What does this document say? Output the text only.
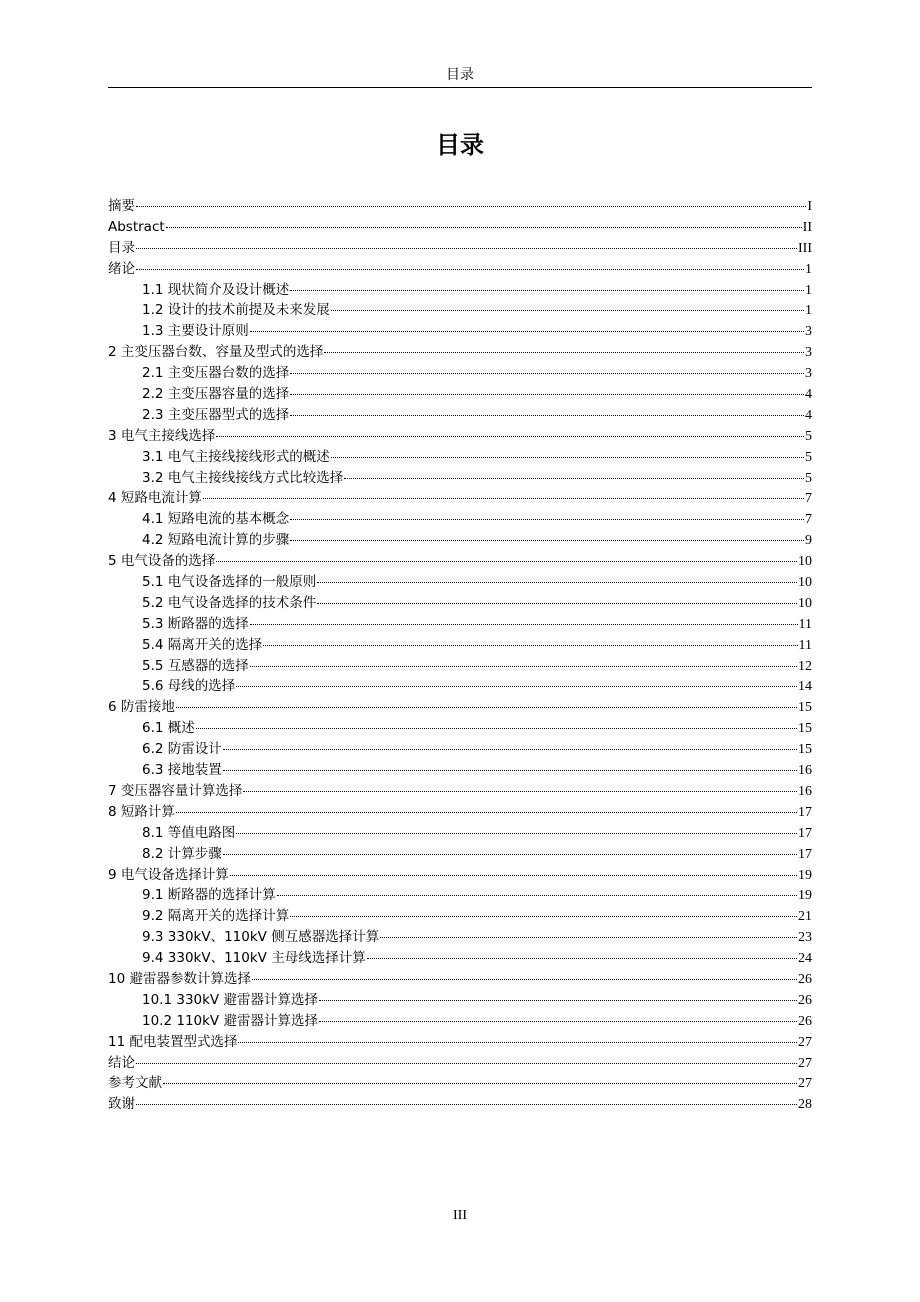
目录
目录
摘要	I
Abstract	II
目录	III
绪论	1
1.1 现状简介及设计概述	1
1.2 设计的技术前提及未来发展	1
1.3 主要设计原则	3
2 主变压器台数、容量及型式的选择	3
2.1 主变压器台数的选择	3
2.2 主变压器容量的选择	4
2.3 主变压器型式的选择	4
3 电气主接线选择	5
3.1 电气主接线接线形式的概述	5
3.2 电气主接线接线方式比较选择	5
4 短路电流计算	7
4.1 短路电流的基本概念	7
4.2 短路电流计算的步骤	9
5 电气设备的选择	10
5.1 电气设备选择的一般原则	10
5.2 电气设备选择的技术条件	10
5.3 断路器的选择	11
5.4 隔离开关的选择	11
5.5 互感器的选择	12
5.6 母线的选择	14
6 防雷接地	15
6.1 概述	15
6.2 防雷设计	15
6.3 接地装置	16
7 变压器容量计算选择	16
8 短路计算	17
8.1 等值电路图	17
8.2 计算步骤	17
9 电气设备选择计算	19
9.1 断路器的选择计算	19
9.2 隔离开关的选择计算	21
9.3 330kV、110kV 侧互感器选择计算	23
9.4 330kV、110kV 主母线选择计算	24
10 避雷器参数计算选择	26
10.1 330kV 避雷器计算选择	26
10.2 110kV 避雷器计算选择	26
11 配电装置型式选择	27
结论	27
参考文献	27
致谢	28
III
